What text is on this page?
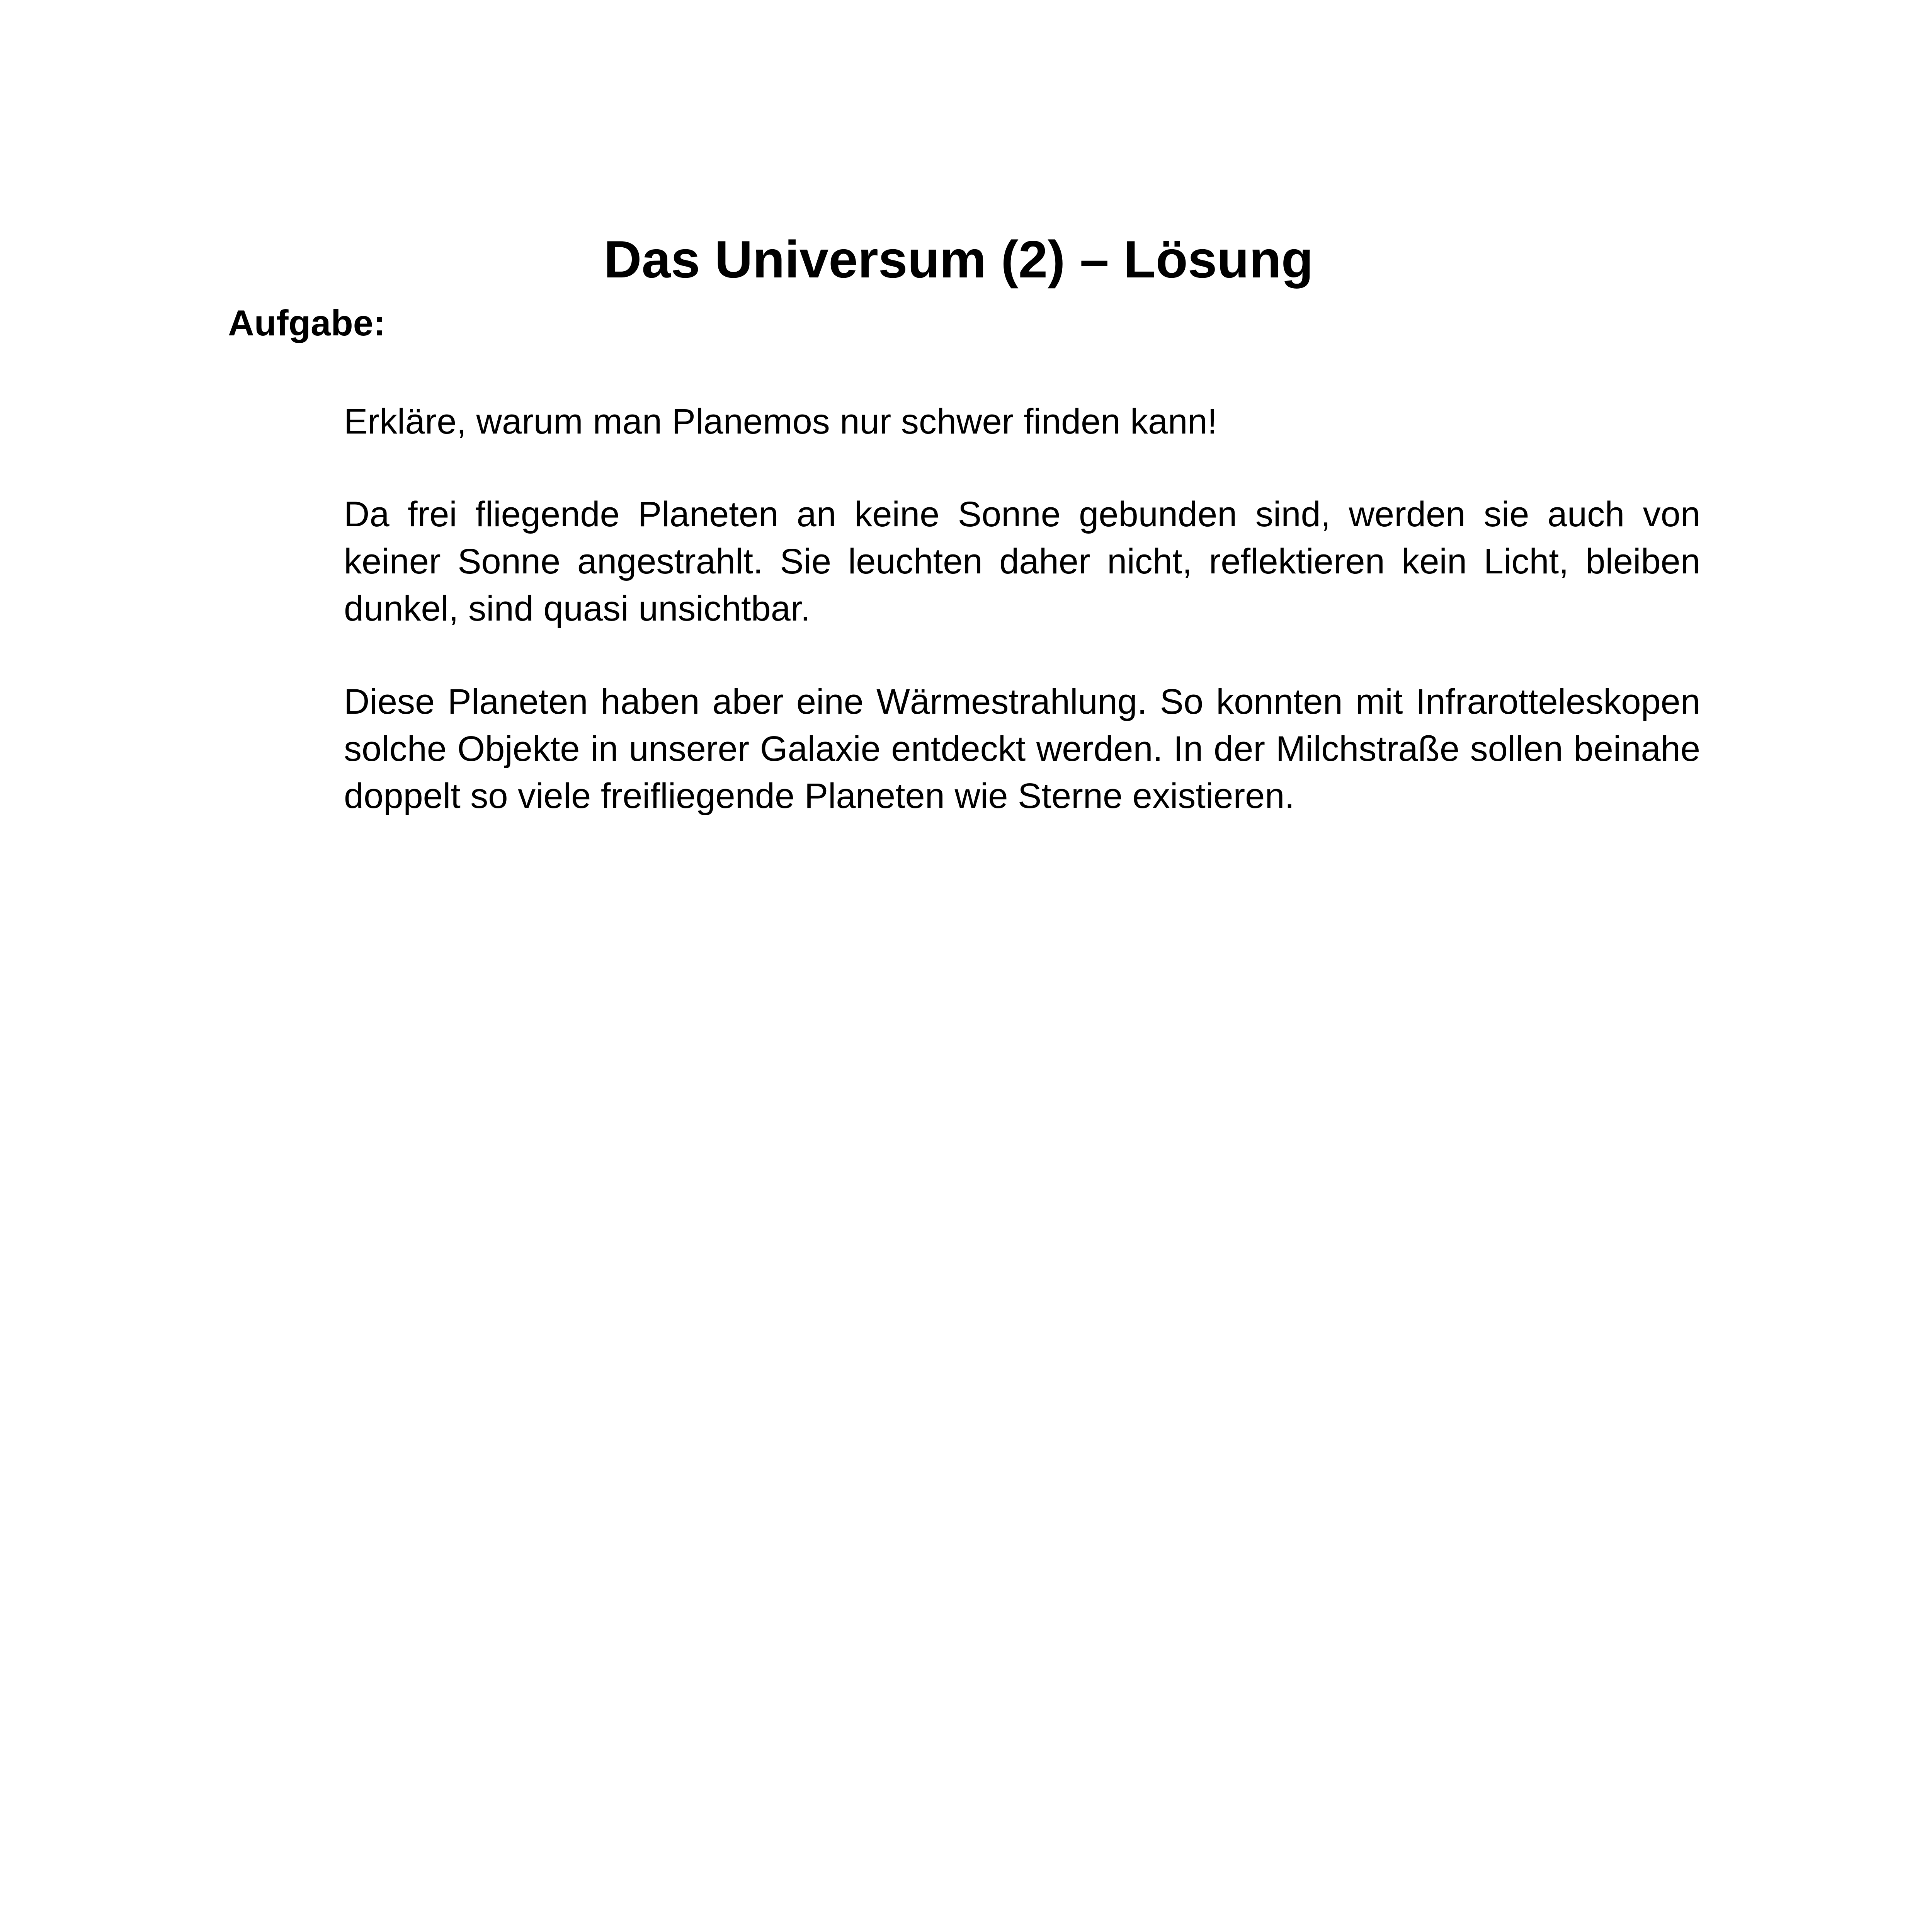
Das Universum (2) – Lösung
Aufgabe:

Erkläre, warum man Planemos nur schwer finden kann!

Da frei fliegende Planeten an keine Sonne gebunden sind, werden sie auch von keiner Sonne angestrahlt. Sie leuchten daher nicht, reflektieren kein Licht, bleiben dunkel, sind quasi unsichtbar.

Diese Planeten haben aber eine Wärmestrahlung. So konnten mit Infrarotteleskopen solche Objekte in unserer Galaxie entdeckt werden. In der Milchstraße sollen beinahe doppelt so viele freifliegende Planeten wie Sterne existieren.
